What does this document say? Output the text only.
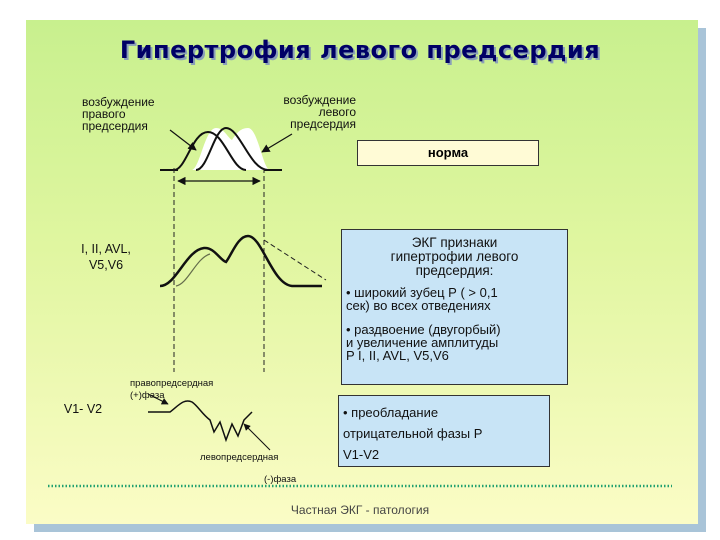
Гипертрофия левого предсердия
возбуждение
правого
предсердия
возбуждение
левого
предсердия
норма
I, II, AVL,
V5,V6
V1- V2
правопредсердная
(+)фаза
левопредсердная
(-)фаза
ЭКГ признаки
гипертрофии левого
предсердия:
• широкий зубец Р ( > 0,1
сек) во всех отведениях
• раздвоение (двугорбый)
и увеличение амплитуды
P I, II, AVL, V5,V6
• преобладание
отрицательной фазы Р
V1-V2
Частная ЭКГ - патология
